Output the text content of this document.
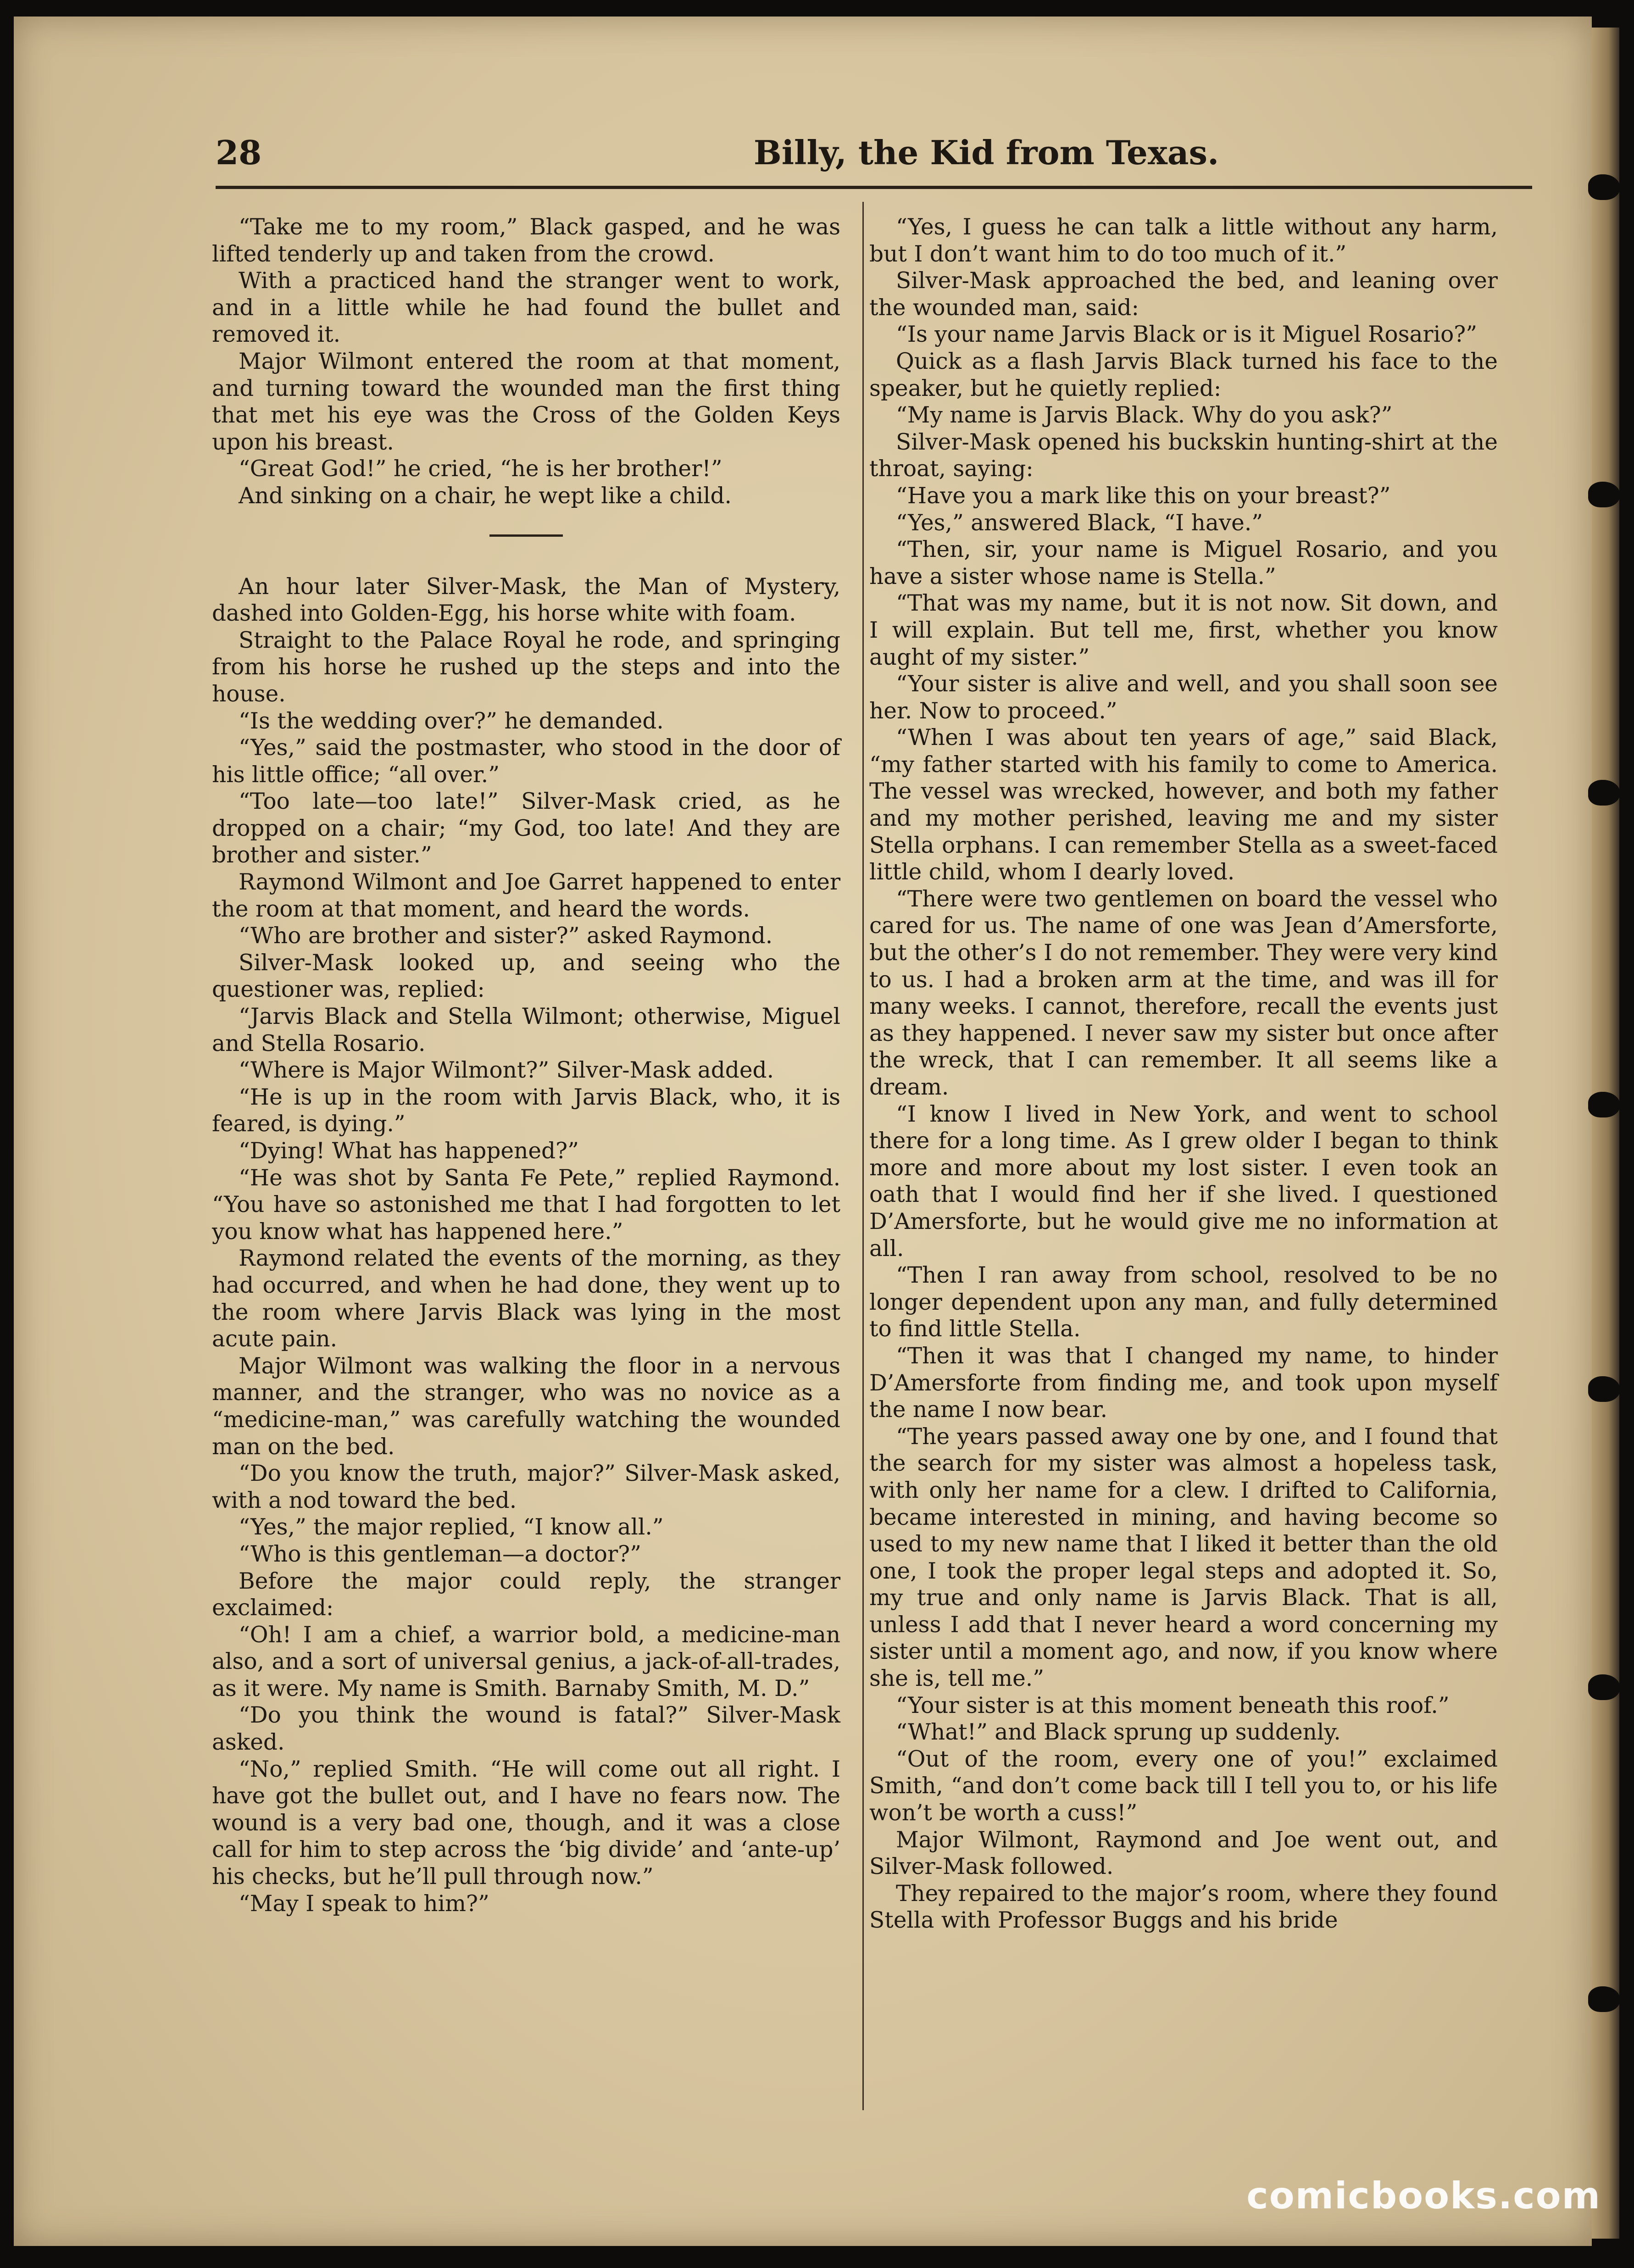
28	Billy, the Kid from Texas.

“Take me to my room,” Black gasped, and he was lifted tenderly up and taken from the crowd.

With a practiced hand the stranger went to work, and in a little while he had found the bullet and removed it.

Major Wilmont entered the room at that moment, and turning toward the wounded man the first thing that met his eye was the Cross of the Golden Keys upon his breast.

“Great God!” he cried, “he is her brother!”

And sinking on a chair, he wept like a child.

An hour later Silver-Mask, the Man of Mystery, dashed into Golden-Egg, his horse white with foam.

Straight to the Palace Royal he rode, and springing from his horse he rushed up the steps and into the house.

“Is the wedding over?” he demanded.

“Yes,” said the postmaster, who stood in the door of his little office; “all over.”

“Too late—too late!” Silver-Mask cried, as he dropped on a chair; “my God, too late! And they are brother and sister.”

Raymond Wilmont and Joe Garret happened to enter the room at that moment, and heard the words.

“Who are brother and sister?” asked Raymond.

Silver-Mask looked up, and seeing who the questioner was, replied:

“Jarvis Black and Stella Wilmont; otherwise, Miguel and Stella Rosario.

“Where is Major Wilmont?” Silver-Mask added.

“He is up in the room with Jarvis Black, who, it is feared, is dying.”

“Dying! What has happened?”

“He was shot by Santa Fe Pete,” replied Raymond. “You have so astonished me that I had forgotten to let you know what has happened here.”

Raymond related the events of the morning, as they had occurred, and when he had done, they went up to the room where Jarvis Black was lying in the most acute pain.

Major Wilmont was walking the floor in a nervous manner, and the stranger, who was no novice as a “medicine-man,” was carefully watching the wounded man on the bed.

“Do you know the truth, major?” Silver-Mask asked, with a nod toward the bed.

“Yes,” the major replied, “I know all.”

“Who is this gentleman—a doctor?”

Before the major could reply, the stranger exclaimed:

“Oh! I am a chief, a warrior bold, a medicine-man also, and a sort of universal genius, a jack-of-all-trades, as it were. My name is Smith. Barnaby Smith, M. D.”

“Do you think the wound is fatal?” Silver-Mask asked.

“No,” replied Smith. “He will come out all right. I have got the bullet out, and I have no fears now. The wound is a very bad one, though, and it was a close call for him to step across the ‘big divide’ and ‘ante-up’ his checks, but he’ll pull through now.”

“May I speak to him?”

“Yes, I guess he can talk a little without any harm, but I don’t want him to do too much of it.”

Silver-Mask approached the bed, and leaning over the wounded man, said:

“Is your name Jarvis Black or is it Miguel Rosario?”

Quick as a flash Jarvis Black turned his face to the speaker, but he quietly replied:

“My name is Jarvis Black. Why do you ask?”

Silver-Mask opened his buckskin hunting-shirt at the throat, saying:

“Have you a mark like this on your breast?”

“Yes,” answered Black, “I have.”

“Then, sir, your name is Miguel Rosario, and you have a sister whose name is Stella.”

“That was my name, but it is not now. Sit down, and I will explain. But tell me, first, whether you know aught of my sister.”

“Your sister is alive and well, and you shall soon see her. Now to proceed.”

“When I was about ten years of age,” said Black, “my father started with his family to come to America. The vessel was wrecked, however, and both my father and my mother perished, leaving me and my sister Stella orphans. I can remember Stella as a sweet-faced little child, whom I dearly loved.

“There were two gentlemen on board the vessel who cared for us. The name of one was Jean d’Amersforte, but the other’s I do not remember. They were very kind to us. I had a broken arm at the time, and was ill for many weeks. I cannot, therefore, recall the events just as they happened. I never saw my sister but once after the wreck, that I can remember. It all seems like a dream.

“I know I lived in New York, and went to school there for a long time. As I grew older I began to think more and more about my lost sister. I even took an oath that I would find her if she lived. I questioned D’Amersforte, but he would give me no information at all.

“Then I ran away from school, resolved to be no longer dependent upon any man, and fully determined to find little Stella.

“Then it was that I changed my name, to hinder D’Amersforte from finding me, and took upon myself the name I now bear.

“The years passed away one by one, and I found that the search for my sister was almost a hopeless task, with only her name for a clew. I drifted to California, became interested in mining, and having become so used to my new name that I liked it better than the old one, I took the proper legal steps and adopted it. So, my true and only name is Jarvis Black. That is all, unless I add that I never heard a word concerning my sister until a moment ago, and now, if you know where she is, tell me.”

“Your sister is at this moment beneath this roof.”

“What!” and Black sprung up suddenly.

“Out of the room, every one of you!” exclaimed Smith, “and don’t come back till I tell you to, or his life won’t be worth a cuss!”

Major Wilmont, Raymond and Joe went out, and Silver-Mask followed.

They repaired to the major’s room, where they found Stella with Professor Buggs and his bride

comicbooks.com
